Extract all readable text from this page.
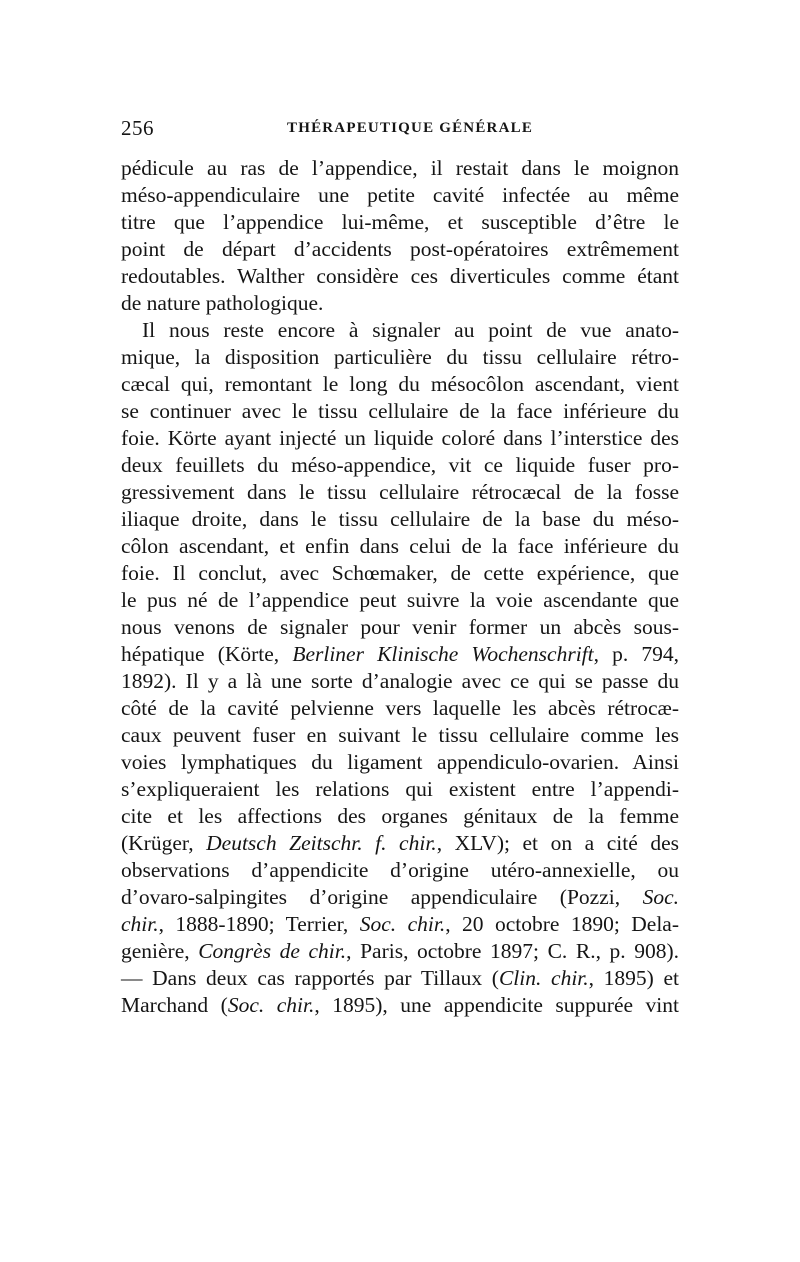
256	THÉRAPEUTIQUE GÉNÉRALE
pédicule au ras de l’appendice, il restait dans le moignon
méso-appendiculaire une petite cavité infectée au même
titre que l’appendice lui-même, et susceptible d’être le
point de départ d’accidents post-opératoires extrêmement
redoutables. Walther considère ces diverticules comme étant
de nature pathologique.
Il nous reste encore à signaler au point de vue anato-
mique, la disposition particulière du tissu cellulaire rétro-
cæcal qui, remontant le long du mésocôlon ascendant, vient
se continuer avec le tissu cellulaire de la face inférieure du
foie. Körte ayant injecté un liquide coloré dans l’interstice des
deux feuillets du méso-appendice, vit ce liquide fuser pro-
gressivement dans le tissu cellulaire rétrocæcal de la fosse
iliaque droite, dans le tissu cellulaire de la base du méso-
côlon ascendant, et enfin dans celui de la face inférieure du
foie. Il conclut, avec Schœmaker, de cette expérience, que
le pus né de l’appendice peut suivre la voie ascendante que
nous venons de signaler pour venir former un abcès sous-
hépatique (Körte, Berliner Klinische Wochenschrift, p. 794,
1892). Il y a là une sorte d’analogie avec ce qui se passe du
côté de la cavité pelvienne vers laquelle les abcès rétrocæ-
caux peuvent fuser en suivant le tissu cellulaire comme les
voies lymphatiques du ligament appendiculo-ovarien. Ainsi
s’expliqueraient les relations qui existent entre l’appendi-
cite et les affections des organes génitaux de la femme
(Krüger, Deutsch Zeitschr. f. chir., XLV); et on a cité des
observations d’appendicite d’origine utéro-annexielle, ou
d’ovaro-salpingites d’origine appendiculaire (Pozzi, Soc.
chir., 1888-1890; Terrier, Soc. chir., 20 octobre 1890; Dela-
genière, Congrès de chir., Paris, octobre 1897; C. R., p. 908).
— Dans deux cas rapportés par Tillaux (Clin. chir., 1895) et
Marchand (Soc. chir., 1895), une appendicite suppurée vint
